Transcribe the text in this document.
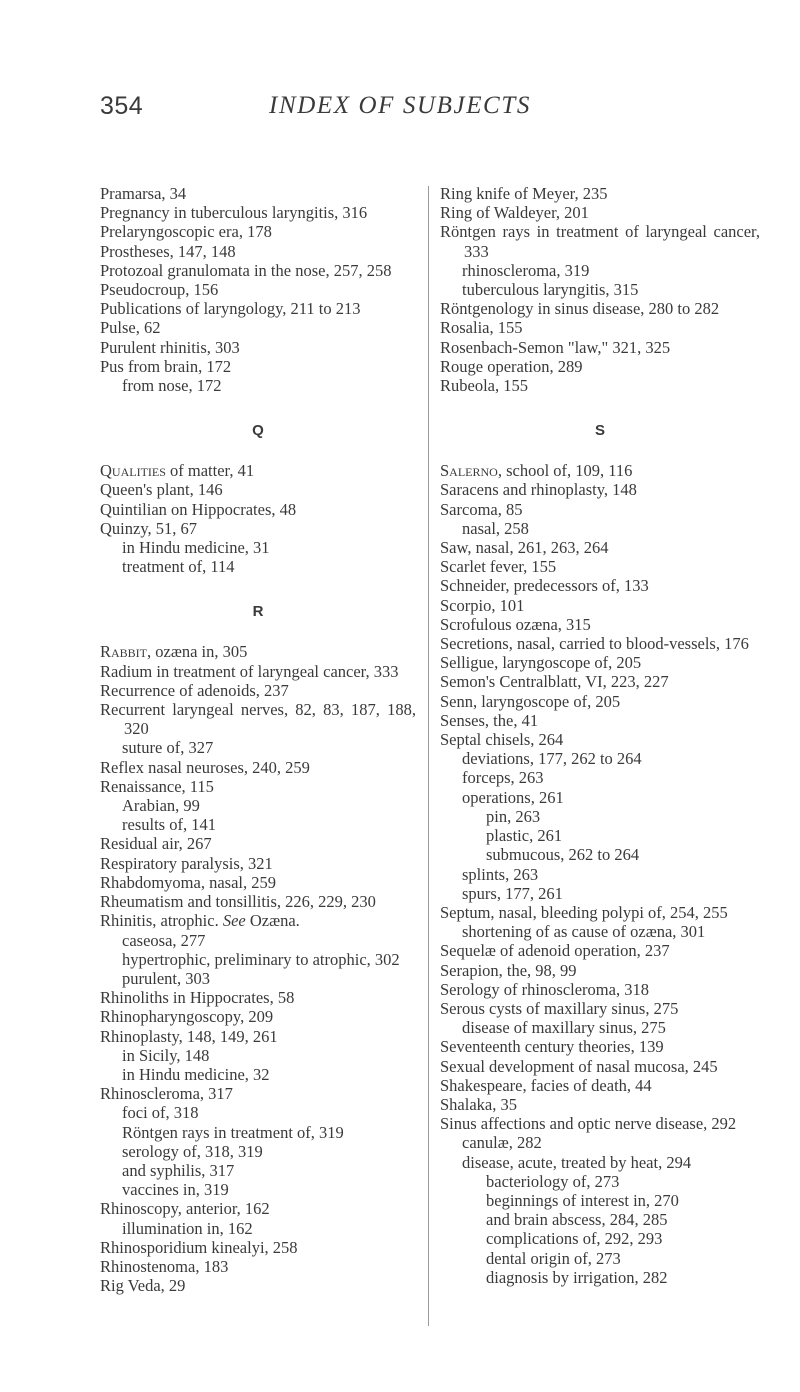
354	INDEX OF SUBJECTS
Pramarsa, 34
Pregnancy in tuberculous laryngitis, 316
Prelaryngoscopic era, 178
Prostheses, 147, 148
Protozoal granulomata in the nose, 257, 258
Pseudocroup, 156
Publications of laryngology, 211 to 213
Pulse, 62
Purulent rhinitis, 303
Pus from brain, 172
from nose, 172
Q
Qualities of matter, 41
Queen's plant, 146
Quintilian on Hippocrates, 48
Quinzy, 51, 67
in Hindu medicine, 31
treatment of, 114
R
Rabbit, ozæna in, 305
Radium in treatment of laryngeal cancer, 333
Recurrence of adenoids, 237
Recurrent laryngeal nerves, 82, 83, 187, 188, 320
suture of, 327
Reflex nasal neuroses, 240, 259
Renaissance, 115
Arabian, 99
results of, 141
Residual air, 267
Respiratory paralysis, 321
Rhabdomyoma, nasal, 259
Rheumatism and tonsillitis, 226, 229, 230
Rhinitis, atrophic. See Ozæna.
caseosa, 277
hypertrophic, preliminary to atrophic, 302
purulent, 303
Rhinoliths in Hippocrates, 58
Rhinopharyngoscopy, 209
Rhinoplasty, 148, 149, 261
in Sicily, 148
in Hindu medicine, 32
Rhinoscleroma, 317
foci of, 318
Röntgen rays in treatment of, 319
serology of, 318, 319
and syphilis, 317
vaccines in, 319
Rhinoscopy, anterior, 162
illumination in, 162
Rhinosporidium kinealyi, 258
Rhinostenoma, 183
Rig Veda, 29
Ring knife of Meyer, 235
Ring of Waldeyer, 201
Röntgen rays in treatment of laryngeal cancer, 333
rhinoscleroma, 319
tuberculous laryngitis, 315
Röntgenology in sinus disease, 280 to 282
Rosalia, 155
Rosenbach-Semon "law," 321, 325
Rouge operation, 289
Rubeola, 155
S
Salerno, school of, 109, 116
Saracens and rhinoplasty, 148
Sarcoma, 85
nasal, 258
Saw, nasal, 261, 263, 264
Scarlet fever, 155
Schneider, predecessors of, 133
Scorpio, 101
Scrofulous ozæna, 315
Secretions, nasal, carried to blood-vessels, 176
Selligue, laryngoscope of, 205
Semon's Centralblatt, VI, 223, 227
Senn, laryngoscope of, 205
Senses, the, 41
Septal chisels, 264
deviations, 177, 262 to 264
forceps, 263
operations, 261
pin, 263
plastic, 261
submucous, 262 to 264
splints, 263
spurs, 177, 261
Septum, nasal, bleeding polypi of, 254, 255
shortening of as cause of ozæna, 301
Sequelæ of adenoid operation, 237
Serapion, the, 98, 99
Serology of rhinoscleroma, 318
Serous cysts of maxillary sinus, 275
disease of maxillary sinus, 275
Seventeenth century theories, 139
Sexual development of nasal mucosa, 245
Shakespeare, facies of death, 44
Shalaka, 35
Sinus affections and optic nerve disease, 292
canulæ, 282
disease, acute, treated by heat, 294
bacteriology of, 273
beginnings of interest in, 270
and brain abscess, 284, 285
complications of, 292, 293
dental origin of, 273
diagnosis by irrigation, 282
